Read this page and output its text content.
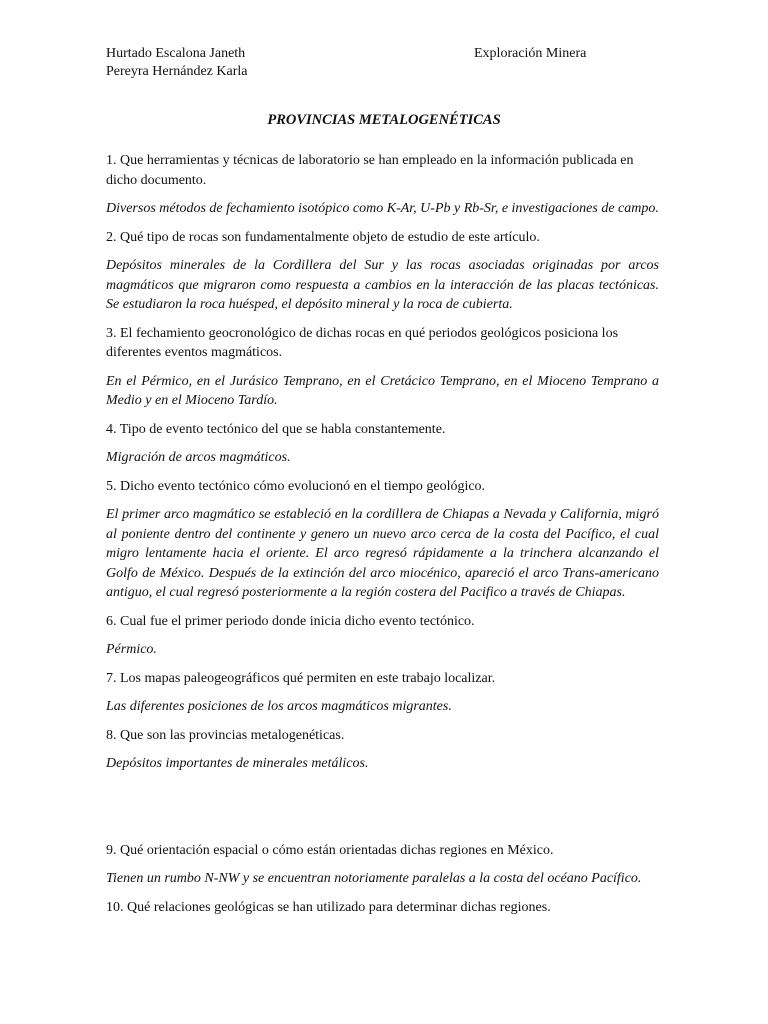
Hurtado Escalona Janeth
Pereyra Hernández Karla
Exploración Minera
PROVINCIAS METALOGENÉTICAS

1. Que herramientas y técnicas de laboratorio se han empleado en la información publicada en dicho documento.

Diversos métodos de fechamiento isotópico como K-Ar, U-Pb y Rb-Sr, e investigaciones de campo.

2. Qué tipo de rocas son fundamentalmente objeto de estudio de este artículo.

Depósitos minerales de la Cordillera del Sur y las rocas asociadas originadas por arcos magmáticos que migraron como respuesta a cambios en la interacción de las placas tectónicas. Se estudiaron la roca huésped, el depósito mineral y la roca de cubierta.

3. El fechamiento geocronológico de dichas rocas en qué periodos geológicos posiciona los diferentes eventos magmáticos.

En el Pérmico, en el Jurásico Temprano, en el Cretácico Temprano, en el Mioceno Temprano a Medio y en el Mioceno Tardío.

4. Tipo de evento tectónico del que se habla constantemente.

Migración de arcos magmáticos.

5. Dicho evento tectónico cómo evolucionó en el tiempo geológico.

El primer arco magmático se estableció en la cordillera de Chiapas a Nevada y California, migró al poniente dentro del continente y genero un nuevo arco cerca de la costa del Pacífico, el cual migro lentamente hacia el oriente. El arco regresó rápidamente a la trinchera alcanzando el Golfo de México. Después de la extinción del arco miocénico, apareció el arco Trans-americano antiguo, el cual regresó posteriormente a la región costera del Pacifico a través de Chiapas.

6. Cual fue el primer periodo donde inicia dicho evento tectónico.

Pérmico.

7. Los mapas paleogeográficos qué permiten en este trabajo localizar.

Las diferentes posiciones de los arcos magmáticos migrantes.

8. Que son las provincias metalogenéticas.

Depósitos importantes de minerales metálicos.

9. Qué orientación espacial o cómo están orientadas dichas regiones en México.

Tienen un rumbo N-NW y se encuentran notoriamente paralelas a la costa del océano Pacífico.

10. Qué relaciones geológicas se han utilizado para determinar dichas regiones.
